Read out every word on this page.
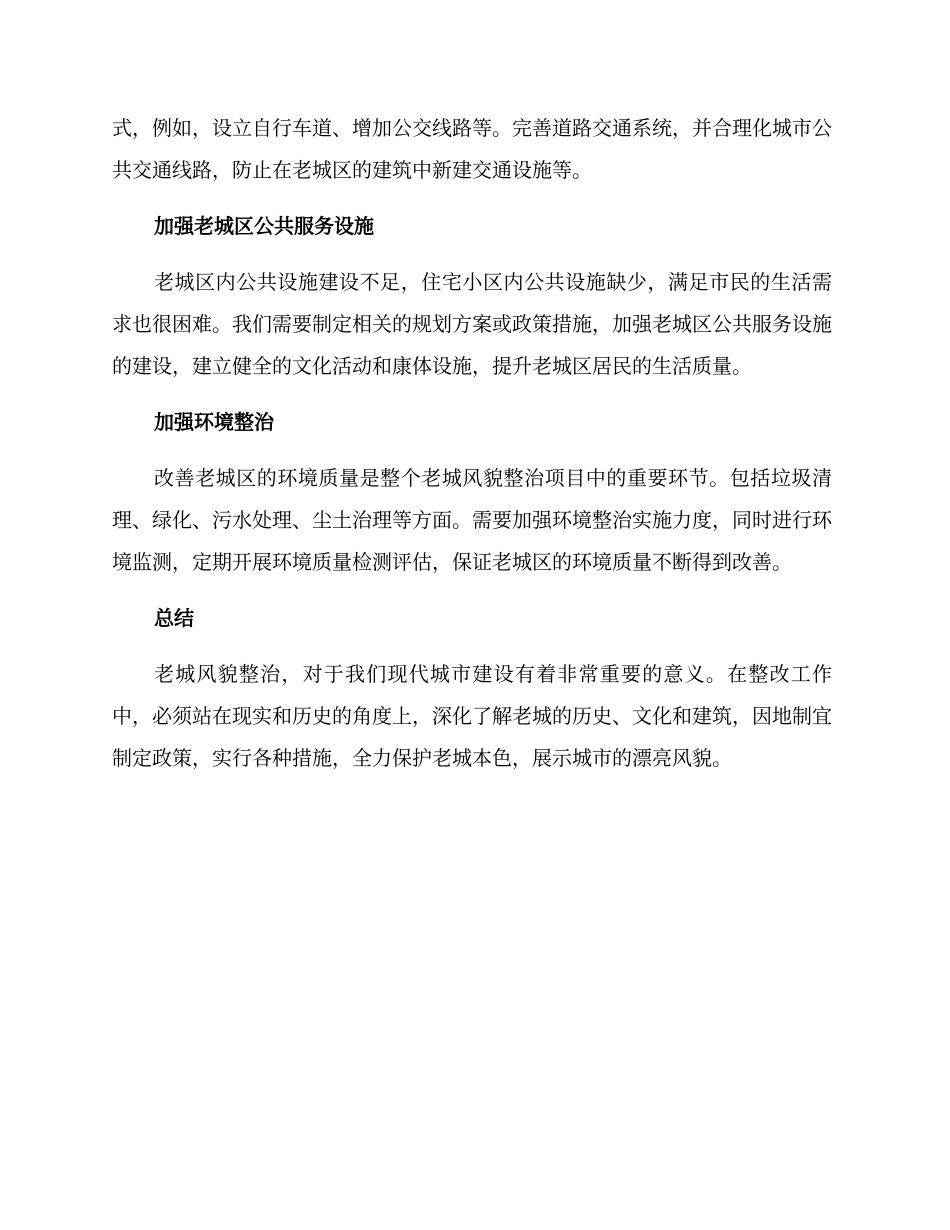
式，例如，设立自行车道、增加公交线路等。完善道路交通系统，并合理化城市公共交通线路，防止在老城区的建筑中新建交通设施等。

加强老城区公共服务设施

老城区内公共设施建设不足，住宅小区内公共设施缺少，满足市民的生活需求也很困难。我们需要制定相关的规划方案或政策措施，加强老城区公共服务设施的建设，建立健全的文化活动和康体设施，提升老城区居民的生活质量。

加强环境整治

改善老城区的环境质量是整个老城风貌整治项目中的重要环节。包括垃圾清理、绿化、污水处理、尘土治理等方面。需要加强环境整治实施力度，同时进行环境监测，定期开展环境质量检测评估，保证老城区的环境质量不断得到改善。

总结

老城风貌整治，对于我们现代城市建设有着非常重要的意义。在整改工作中，必须站在现实和历史的角度上，深化了解老城的历史、文化和建筑，因地制宜制定政策，实行各种措施，全力保护老城本色，展示城市的漂亮风貌。
